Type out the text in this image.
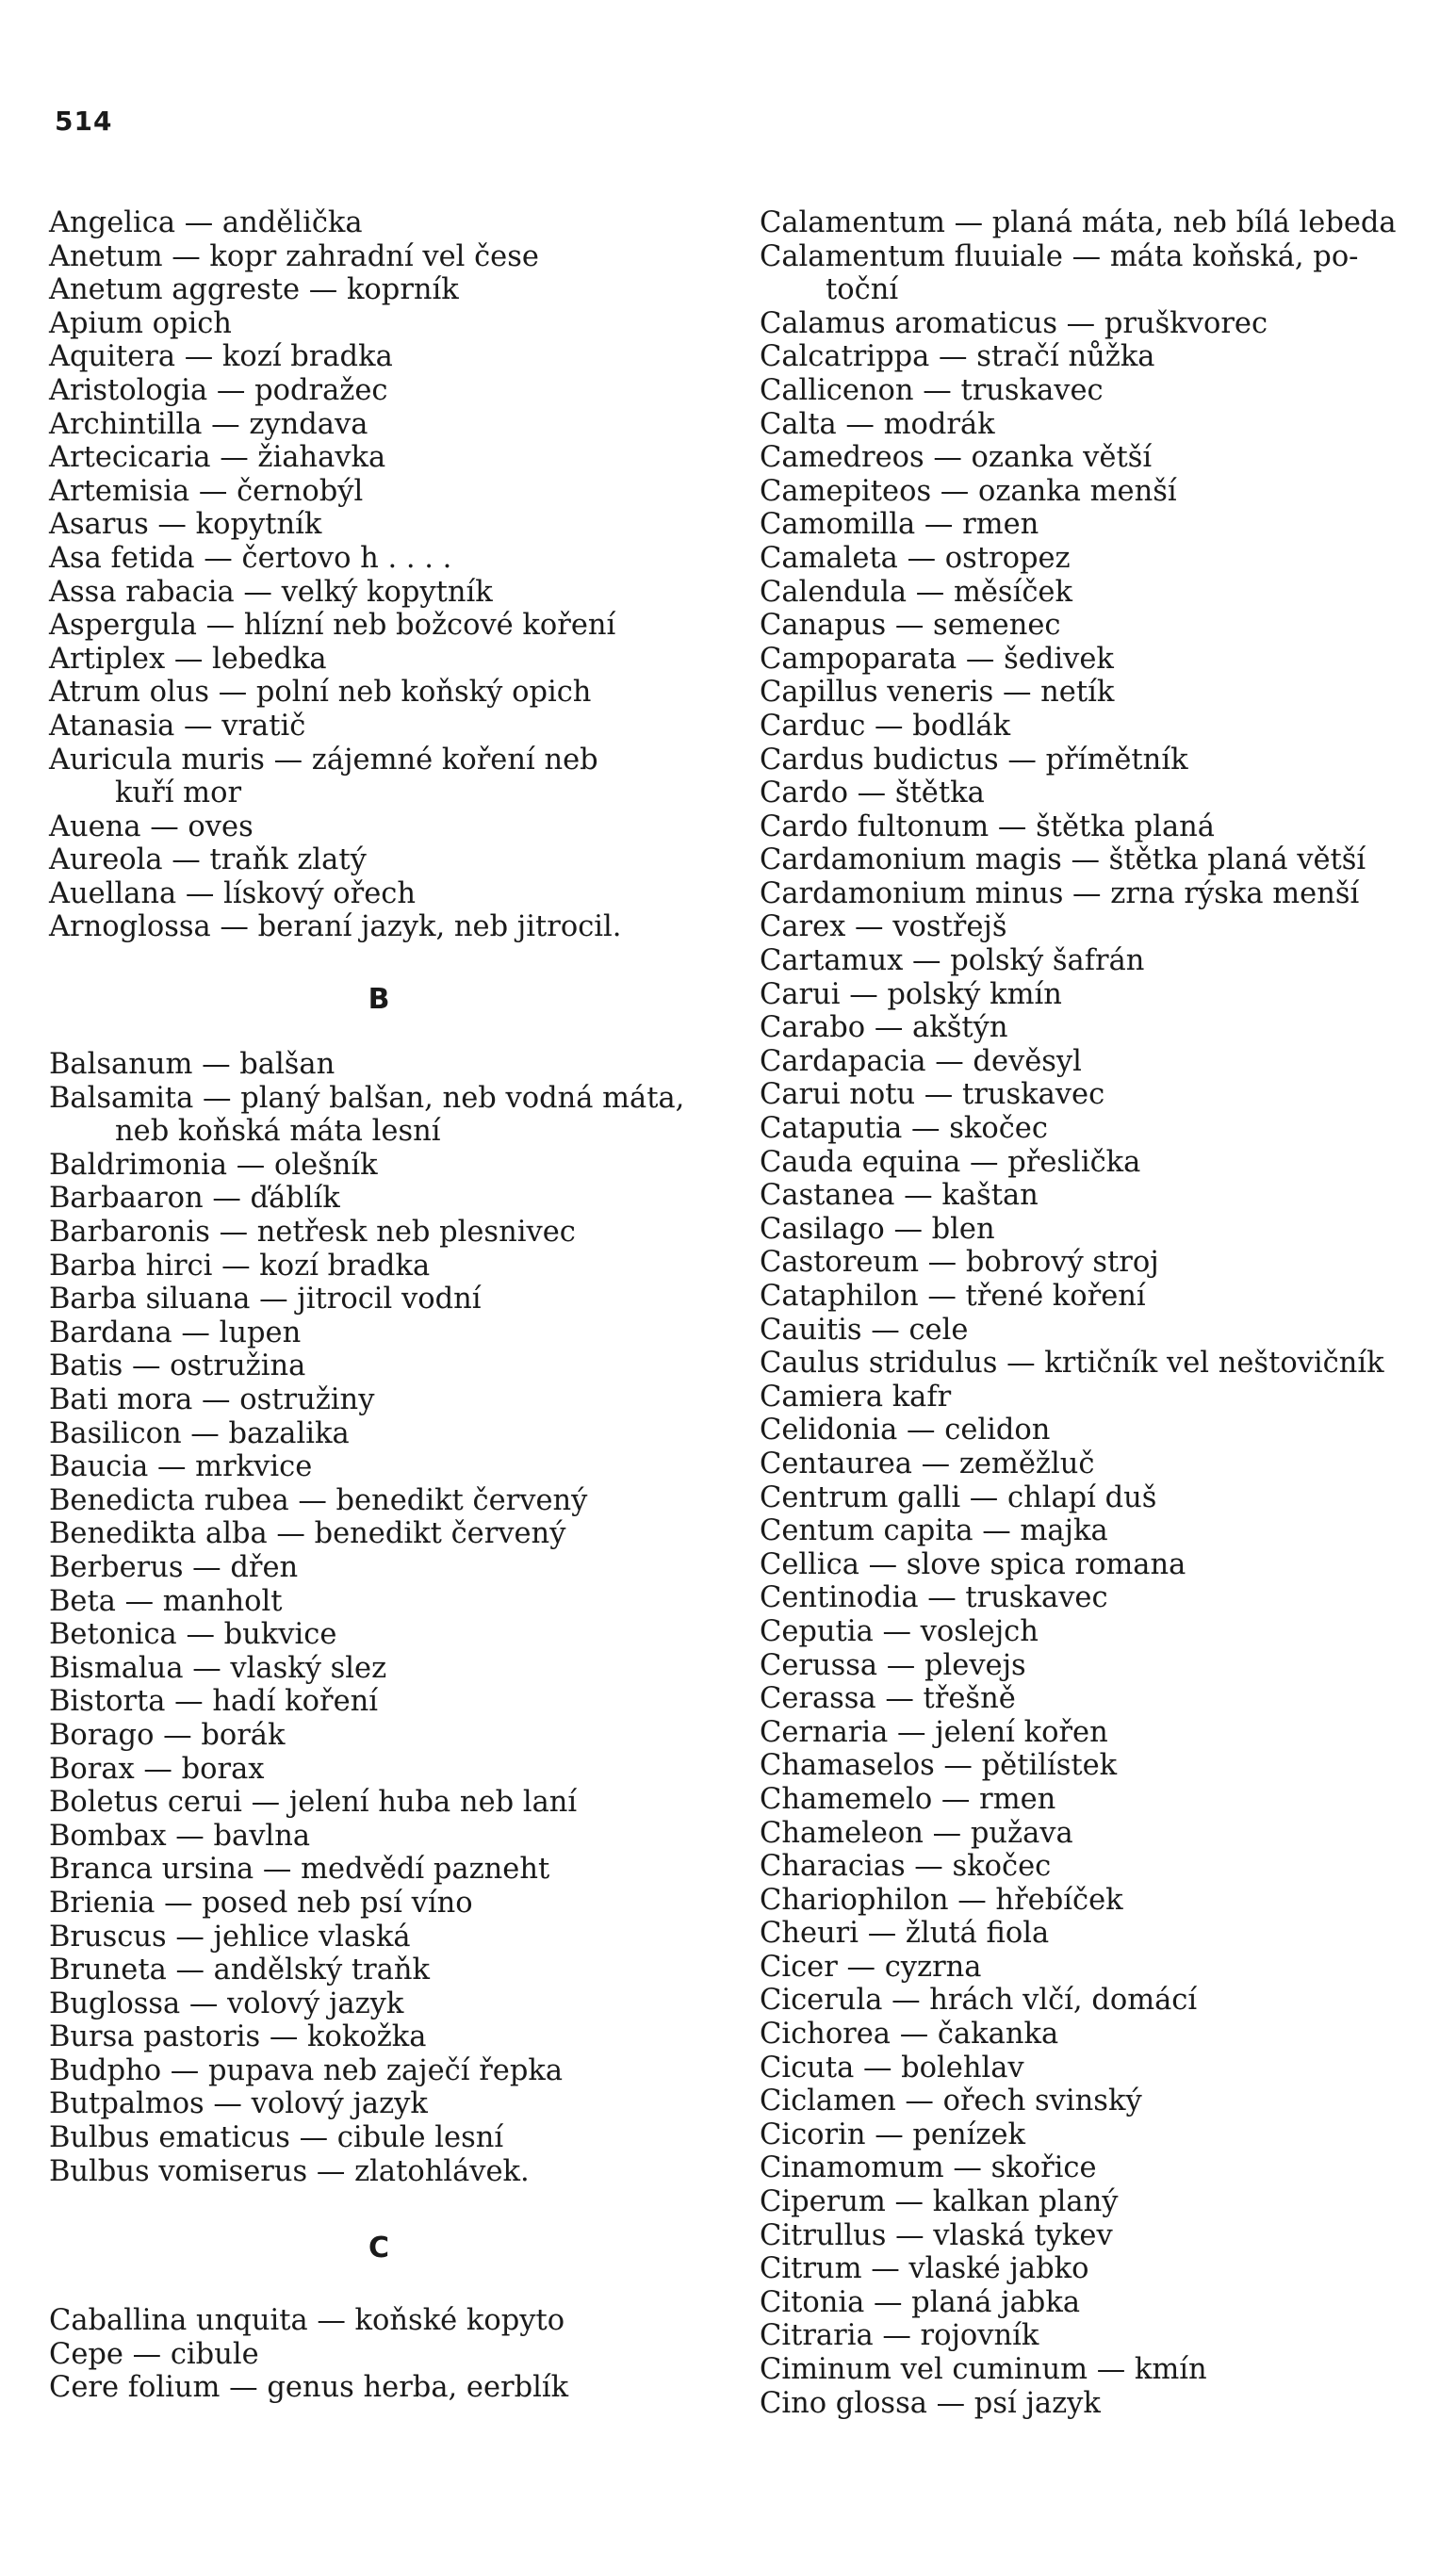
514
Angelica — andělička
Anetum — kopr zahradní vel čese
Anetum aggreste — koprník
Apium opich
Aquitera — kozí bradka
Aristologia — podražec
Archintilla — zyndava
Artecicaria — žiahavka
Artemisia — černobýl
Asarus — kopytník
Asa fetida — čertovo h . . . .
Assa rabacia — velký kopytník
Aspergula — hlízní neb božcové koření
Artiplex — lebedka
Atrum olus — polní neb koňský opich
Atanasia — vratič
Auricula muris — zájemné koření neb
kuří mor
Auena — oves
Aureola — traňk zlatý
Auellana — lískový ořech
Arnoglossa — beraní jazyk, neb jitrocil.
B
Balsanum — balšan
Balsamita — planý balšan, neb vodná máta,
neb koňská máta lesní
Baldrimonia — olešník
Barbaaron — ďáblík
Barbaronis — netřesk neb plesnivec
Barba hirci — kozí bradka
Barba siluana — jitrocil vodní
Bardana — lupen
Batis — ostružina
Bati mora — ostružiny
Basilicon — bazalika
Baucia — mrkvice
Benedicta rubea — benedikt červený
Benedikta alba — benedikt červený
Berberus — dřen
Beta — manholt
Betonica — bukvice
Bismalua — vlaský slez
Bistorta — hadí koření
Borago — borák
Borax — borax
Boletus cerui — jelení huba neb laní
Bombax — bavlna
Branca ursina — medvědí pazneht
Brienia — posed neb psí víno
Bruscus — jehlice vlaská
Bruneta — andělský traňk
Buglossa — volový jazyk
Bursa pastoris — kokožka
Budpho — pupava neb zaječí řepka
Butpalmos — volový jazyk
Bulbus ematicus — cibule lesní
Bulbus vomiserus — zlatohlávek.
C
Caballina unquita — koňské kopyto
Cepe — cibule
Cere folium — genus herba, eerblík
Calamentum — planá máta, neb bílá lebeda
Calamentum fluuiale — máta koňská, po-
toční
Calamus aromaticus — pruškvorec
Calcatrippa — stračí nůžka
Callicenon — truskavec
Calta — modrák
Camedreos — ozanka větší
Camepiteos — ozanka menší
Camomilla — rmen
Camaleta — ostropez
Calendula — měsíček
Canapus — semenec
Campoparata — šedivek
Capillus veneris — netík
Carduc — bodlák
Cardus budictus — přímětník
Cardo — štětka
Cardo fultonum — štětka planá
Cardamonium magis — štětka planá větší
Cardamonium minus — zrna rýska menší
Carex — vostřejš
Cartamux — polský šafrán
Carui — polský kmín
Carabo — akštýn
Cardapacia — devěsyl
Carui notu — truskavec
Cataputia — skočec
Cauda equina — přeslička
Castanea — kaštan
Casilago — blen
Castoreum — bobrový stroj
Cataphilon — třené koření
Cauitis — cele
Caulus stridulus — krtičník vel neštovičník
Camiera kafr
Celidonia — celidon
Centaurea — zeměžluč
Centrum galli — chlapí duš
Centum capita — majka
Cellica — slove spica romana
Centinodia — truskavec
Ceputia — voslejch
Cerussa — plevejs
Cerassa — třešně
Cernaria — jelení kořen
Chamaselos — pětilístek
Chamemelo — rmen
Chameleon — pužava
Characias — skočec
Chariophilon — hřebíček
Cheuri — žlutá fiola
Cicer — cyzrna
Cicerula — hrách vlčí, domácí
Cichorea — čakanka
Cicuta — bolehlav
Ciclamen — ořech svinský
Cicorin — penízek
Cinamomum — skořice
Ciperum — kalkan planý
Citrullus — vlaská tykev
Citrum — vlaské jabko
Citonia — planá jabka
Citraria — rojovník
Ciminum vel cuminum — kmín
Cino glossa — psí jazyk
